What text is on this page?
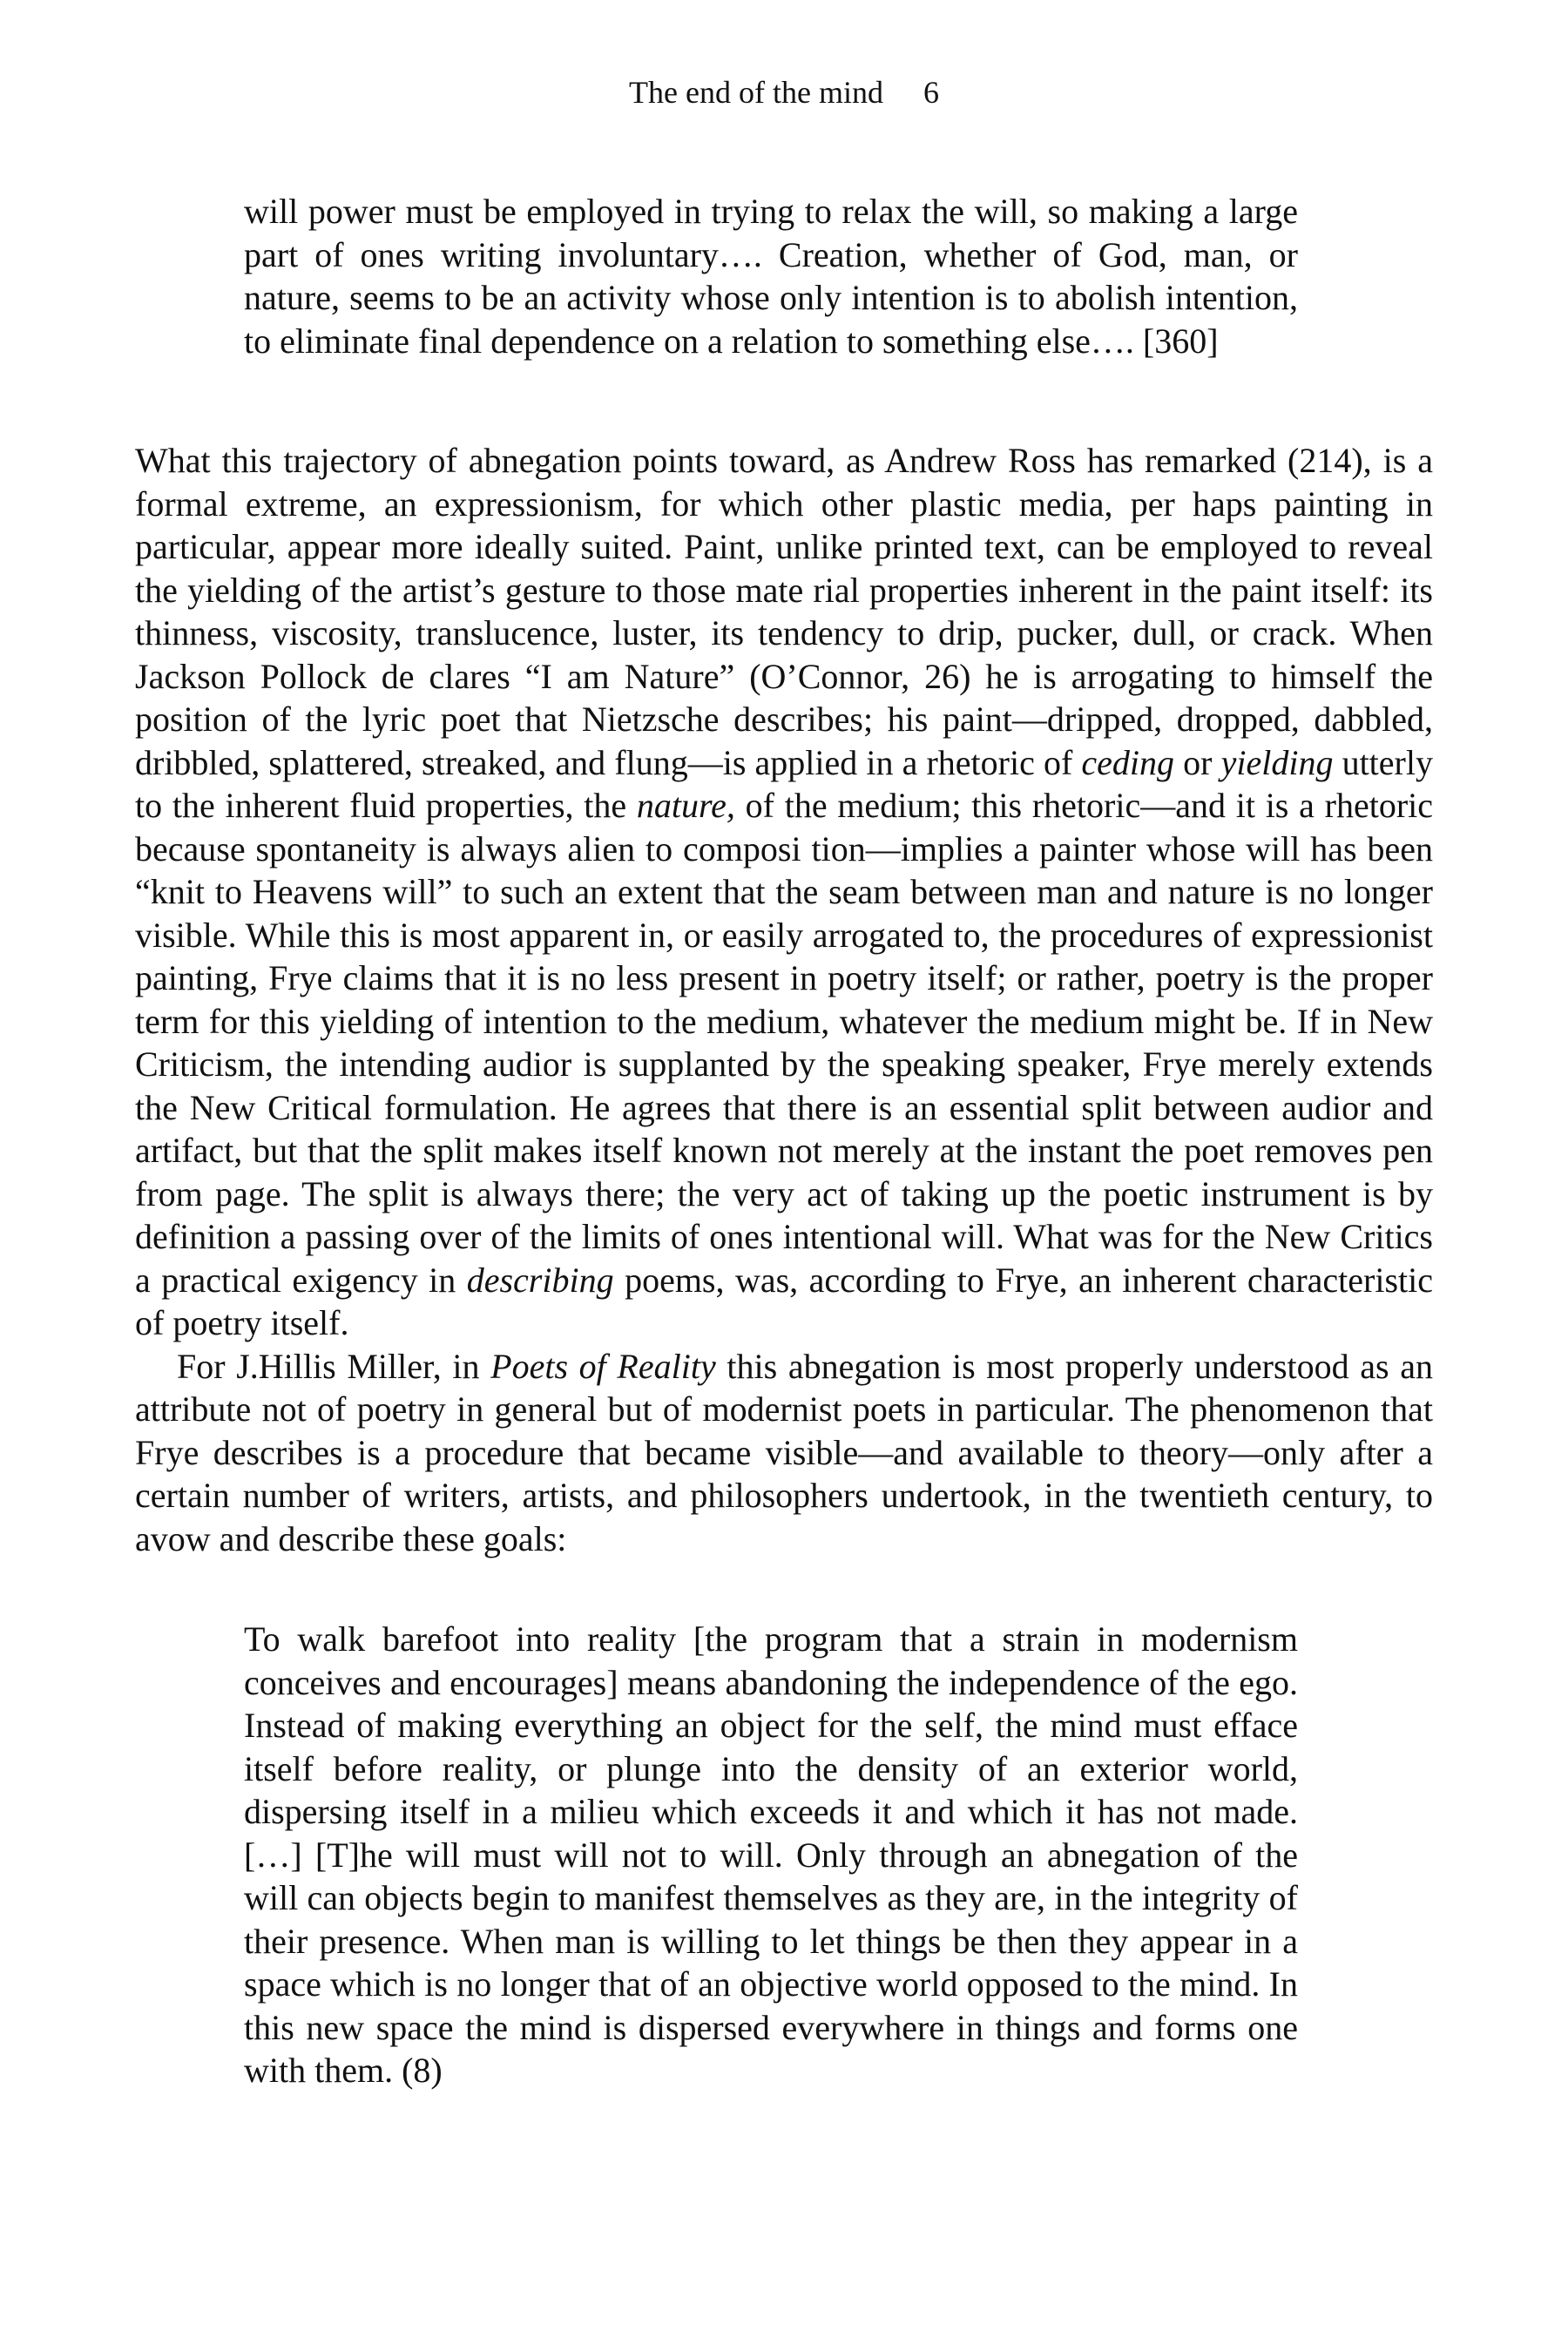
The end of the mind 6

will power must be employed in trying to relax the will, so making a large part of ones writing involuntary…. Creation, whether of God, man, or nature, seems to be an activity whose only intention is to abolish intention, to eliminate final dependence on a relation to something else…. [360]

What this trajectory of abnegation points toward, as Andrew Ross has remarked (214), is a formal extreme, an expressionism, for which other plastic media, per haps painting in particular, appear more ideally suited. Paint, unlike printed text, can be employed to reveal the yielding of the artist’s gesture to those mate rial properties inherent in the paint itself: its thinness, viscosity, translucence, luster, its tendency to drip, pucker, dull, or crack. When Jackson Pollock de clares “I am Nature” (O’Connor, 26) he is arrogating to himself the position of the lyric poet that Nietzsche describes; his paint—dripped, dropped, dabbled, dribbled, splattered, streaked, and flung—is applied in a rhetoric of ceding or yielding utterly to the inherent fluid properties, the nature, of the medium; this rhetoric—and it is a rhetoric because spontaneity is always alien to composi tion—implies a painter whose will has been “knit to Heavens will” to such an extent that the seam between man and nature is no longer visible. While this is most apparent in, or easily arrogated to, the procedures of expressionist painting, Frye claims that it is no less present in poetry itself; or rather, poetry is the proper term for this yielding of intention to the medium, whatever the medium might be. If in New Criticism, the intending audior is supplanted by the speaking speaker, Frye merely extends the New Critical formulation. He agrees that there is an essential split between audior and artifact, but that the split makes itself known not merely at the instant the poet removes pen from page. The split is always there; the very act of taking up the poetic instrument is by definition a passing over of the limits of ones intentional will. What was for the New Critics a practical exigency in describing poems, was, according to Frye, an inherent characteristic of poetry itself.

For J.Hillis Miller, in Poets of Reality this abnegation is most properly understood as an attribute not of poetry in general but of modernist poets in particular. The phenomenon that Frye describes is a procedure that became visible—and available to theory—only after a certain number of writers, artists, and philosophers undertook, in the twentieth century, to avow and describe these goals:

To walk barefoot into reality [the program that a strain in modernism conceives and encourages] means abandoning the independence of the ego. Instead of making everything an object for the self, the mind must efface itself before reality, or plunge into the density of an exterior world, dispersing itself in a milieu which exceeds it and which it has not made. […] [T]he will must will not to will. Only through an abnegation of the will can objects begin to manifest themselves as they are, in the integrity of their presence. When man is willing to let things be then they appear in a space which is no longer that of an objective world opposed to the mind. In this new space the mind is dispersed everywhere in things and forms one with them. (8)
